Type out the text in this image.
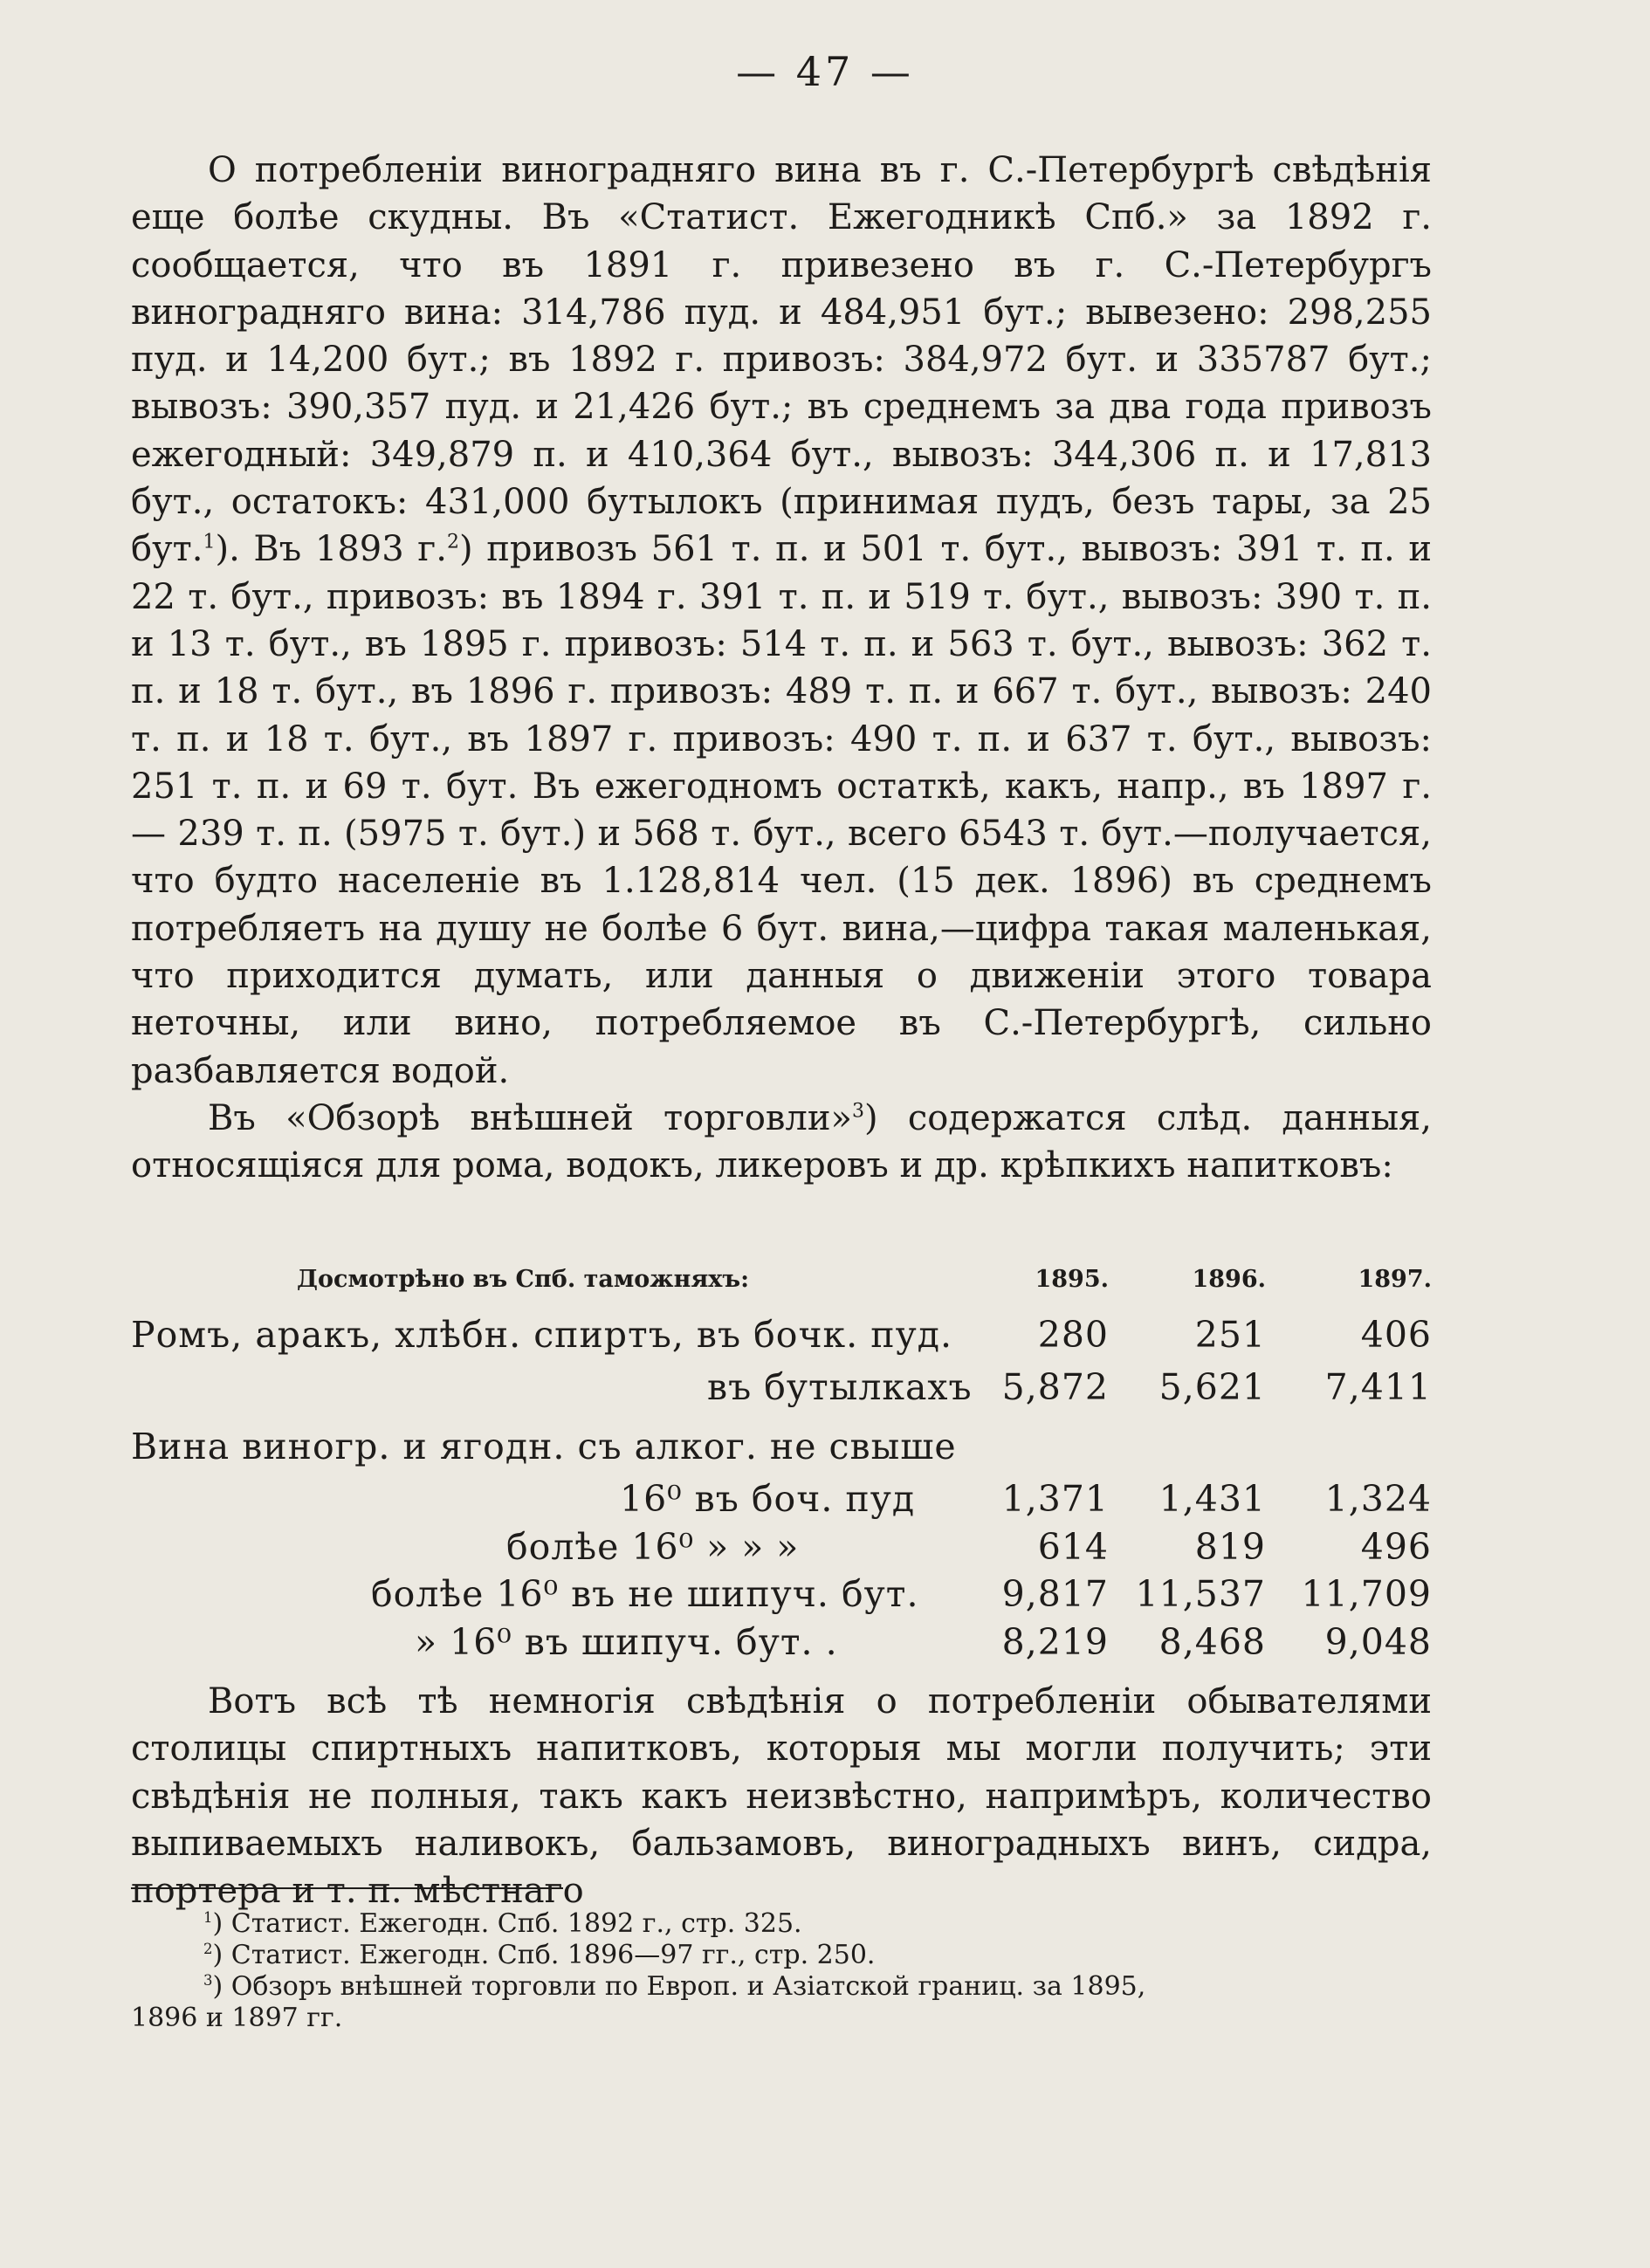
— 47 —

О потребленіи виноградняго вина въ г. С.-Петербургѣ свѣдѣнія еще болѣе скудны. Въ «Статист. Ежегодникѣ Спб.» за 1892 г. сообщается, что въ 1891 г. привезено въ г. С.-Петербургъ виноградняго вина: 314,786 пуд. и 484,951 бут.; вывезено: 298,255 пуд. и 14,200 бут.; въ 1892 г. привозъ: 384,972 бут. и 335787 бут.; вывозъ: 390,357 пуд. и 21,426 бут.; въ среднемъ за два года привозъ ежегодный: 349,879 п. и 410,364 бут., вывозъ: 344,306 п. и 17,813 бут., остатокъ: 431,000 бутылокъ (принимая пудъ, безъ тары, за 25 бут.$^1$). Въ 1893 г.$^2$) привозъ 561 т. п. и 501 т. бут., вывозъ: 391 т. п. и 22 т. бут., привозъ: въ 1894 г. 391 т. п. и 519 т. бут., вывозъ: 390 т. п. и 13 т. бут., въ 1895 г. привозъ: 514 т. п. и 563 т. бут., вывозъ: 362 т. п. и 18 т. бут., въ 1896 г. привозъ: 489 т. п. и 667 т. бут., вывозъ: 240 т. п. и 18 т. бут., въ 1897 г. привозъ: 490 т. п. и 637 т. бут., вывозъ: 251 т. п. и 69 т. бут. Въ ежегодномъ остаткѣ, какъ, напр., въ 1897 г. — 239 т. п. (5975 т. бут.) и 568 т. бут., всего 6543 т. бут.—получается, что будто населеніе въ 1.128,814 чел. (15 дек. 1896) въ среднемъ потребляетъ на душу не болѣе 6 бут. вина,—цифра такая маленькая, что приходится думать, или данныя о движеніи этого товара неточны, или вино, потребляемое въ С.-Петербургѣ, сильно разбавляется водой.

Въ «Обзорѣ внѣшней торговли»$^3$) содержатся слѣд. данныя, относящіяся для рома, водокъ, ликеровъ и др. крѣпкихъ напитковъ:

Досмотрѣно въ Спб. таможняхъ:	1895.	1896.	1897.
Ромъ, аракъ, хлѣбн. спиртъ, въ бочк. пуд. 280 251	406
въ бутылкахъ 5,872 5,621 7,411
Вина виногр. и ягодн. съ алког. не свыше
16⁰ въ боч. пуд 1,371 1,431 1,324
болѣе 16⁰ » » »	614 819	496
болѣе 16⁰ въ не шипуч. бут. 9,817 11,537 11,709
» 16⁰ въ шипуч. бут. .	8,219 8,468 9,048

Вотъ всѣ тѣ немногія свѣдѣнія о потребленіи обывателями столицы спиртныхъ напитковъ, которыя мы могли получить; эти свѣдѣнія не полныя, такъ какъ неизвѣстно, напримѣръ, количество выпиваемыхъ наливокъ, бальзамовъ, виноградныхъ винъ, сидра, портера и т. п. мѣстнаго

$^1$) Статист. Ежегодн. Спб. 1892 г., стр. 325.
$^2$) Статист. Ежегодн. Спб. 1896—97 гг., стр. 250.
$^3$) Обзоръ внѣшней торговли по Европ. и Азіатской границ. за 1895,
1896 и 1897 гг.
